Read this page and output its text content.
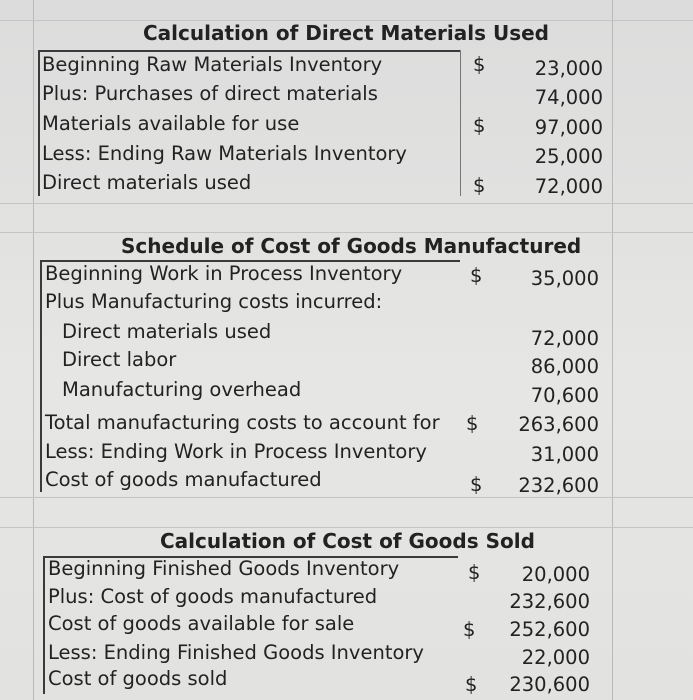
Calculation of Direct Materials Used
Beginning Raw Materials Inventory	$	23,000
Plus: Purchases of direct materials	74,000
Materials available for use	$	97,000
Less: Ending Raw Materials Inventory	25,000
Direct materials used	$	72,000
Schedule of Cost of Goods Manufactured
Beginning Work in Process Inventory	$ 35,000
Plus Manufacturing costs incurred:
Direct materials used	72,000
Direct labor	86,000
Manufacturing overhead	70,600
Total manufacturing costs to account for $ 263,600
Less: Ending Work in Process Inventory	31,000
Cost of goods manufactured	$ 232,600
Calculation of Cost of Goods Sold
Beginning Finished Goods Inventory	$ 20,000
Plus: Cost of goods manufactured	232,600
Cost of goods available for sale	$ 252,600
Less: Ending Finished Goods Inventory	22,000
Cost of goods sold	$ 230,600
